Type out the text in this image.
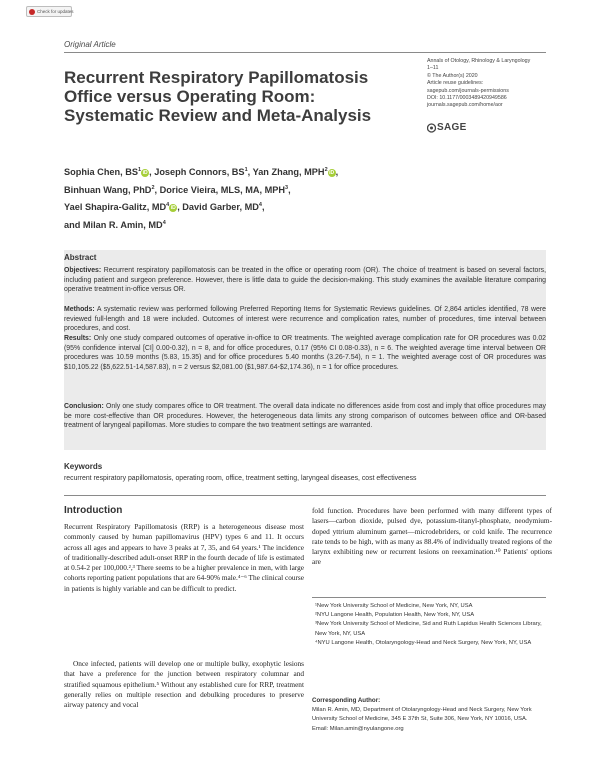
Check for updates
Original Article
Recurrent Respiratory Papillomatosis Office versus Operating Room: Systematic Review and Meta-Analysis
Annals of Otology, Rhinology & Laryngology
1–11
© The Author(s) 2020
Article reuse guidelines:
sagepub.com/journals-permissions
DOI: 10.1177/0003489420949586
journals.sagepub.com/home/aor
SAGE
Sophia Chen, $BS^1iD$ , Joseph Connors, $BS^1$, Yan Zhang, MPH$^2$iD ,
Binhuan Wang, PhD$^2$, Dorice Vieira, MLS, MA, MPH$^3$,
Yael Shapira-Galitz, $MD^4iD$ , David Garber, $MD^4$,
and Milan R. Amin, $MD^4$
Abstract

Objectives: Recurrent respiratory papillomatosis can be treated in the office or operating room (OR). The choice of treatment is based on several factors, including patient and surgeon preference. However, there is little data to guide the decision-making. This study examines the available literature comparing operative treatment in-office versus OR.

Methods: A systematic review was performed following Preferred Reporting Items for Systematic Reviews guidelines. Of 2,864 articles identified, 78 were reviewed full-length and 18 were included. Outcomes of interest were recurrence and complication rates, number of procedures, time interval between procedures, and cost.

Results: Only one study compared outcomes of operative in-office to OR treatments. The weighted average complication rate for OR procedures was 0.02 (95% confidence interval [CI] 0.00-0.32), n = 8, and for office procedures, 0.17 (95% CI 0.08-0.33), n = 6. The weighted average time interval between OR procedures was 10.59 months (5.83, 15.35) and for office procedures 5.40 months (3.26-7.54), n = 1. The weighted average cost of OR procedures was $10,105.22 ($5,622.51-14,587.83), n = 2 versus $2,081.00 ($1,987.64-$2,174.36), n = 1 for office procedures.

Conclusion: Only one study compares office to OR treatment. The overall data indicate no differences aside from cost and imply that office procedures may be more cost-effective than OR procedures. However, the heterogeneous data limits any strong comparison of outcomes between office and OR-based treatment of laryngeal papillomas. More studies to compare the two treatment settings are warranted.

Keywords
recurrent respiratory papillomatosis, operating room, office, treatment setting, laryngeal diseases, cost effectiveness
Introduction

Recurrent Respiratory Papillomatosis (RRP) is a heterogeneous disease most commonly caused by human papillomavirus (HPV) types 6 and 11. It occurs across all ages and appears to have 3 peaks at 7, 35, and 64 years.¹ The incidence of traditionally-described adult-onset RRP in the fourth decade of life is estimated at 0.54-2 per 100,000.²,³ There seems to be a higher prevalence in men, with large cohorts reporting patient populations that are 64-90% male.⁴⁻⁶ The clinical course in patients is highly variable and can be difficult to predict.

Once infected, patients will develop one or multiple bulky, exophytic lesions that have a preference for the junction between respiratory columnar and stratified squamous epithelium.⁵ Without any established cure for RRP, treatment generally relies on multiple resection and debulking procedures to preserve airway patency and vocal

fold function. Procedures have been performed with many different types of lasers—carbon dioxide, pulsed dye, potassium-titanyl-phosphate, neodymium-doped yttrium aluminum garnet—microdebriders, or cold knife. The recurrence rate tends to be high, with as many as 88.4% of individually treated regions of the larynx exhibiting new or recurrent lesions on reexamination.¹⁰ Patients' options are

¹New York University School of Medicine, New York, NY, USA
²NYU Langone Health, Population Health, New York, NY, USA
³New York University School of Medicine, Sid and Ruth Lapidus Health Sciences Library, New York, NY, USA
⁴NYU Langone Health, Otolaryngology-Head and Neck Surgery, New York, NY, USA
Corresponding Author:
Milan R. Amin, MD, Department of Otolaryngology-Head and Neck Surgery, New York University School of Medicine, 345 E 37th St, Suite 306, New York, NY 10016, USA.
Email: Milan.amin@nyulangone.org
